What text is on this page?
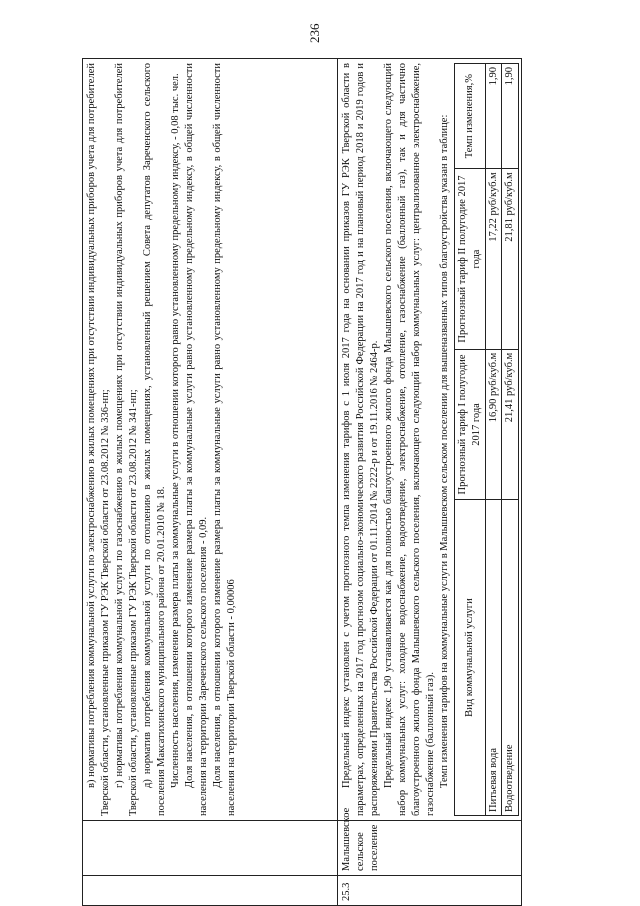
236

в) нормативы потребления коммунальной услуги по электроснабжению в жилых помещениях при отсутствии индивидуальных приборов учета для потребителей Тверской области, установленные приказом ГУ РЭК Тверской области от 23.08.2012 № 336-нп; г) нормативы потребления коммунальной услуги по газоснабжению в жилых помещениях при отсутствии индивидуальных приборов учета для потребителей Тверской области, установленные приказом ГУ РЭК Тверской области от 23.08.2012 № 341-нп; д) норматив потребления коммунальной услуги по отоплению в жилых помещениях, установленный решением Совета депутатов Зареченского сельского поселения Максатихинского муниципального района от 20.01.2010 № 18. Численность населения, изменение размера платы за коммунальные услуги в отношении которого равно установленному предельному индексу, - 0,08 тыс. чел. Доля населения, в отношении которого изменение размера платы за коммунальные услуги равно установленному предельному индексу, в общей численности населения на территории Зареченского сельского поселения - 0,09. Доля населения, в отношении которого изменение размера платы за коммунальные услуги равно установленному предельному индексу, в общей численности населения на территории Тверской области - 0,00006

25.3	Малышевское сельское поселение	

Предельный индекс установлен с учетом прогнозного темпа изменения тарифов с 1 июля 2017 года на основании приказов ГУ РЭК Тверской области в параметрах, определенных на 2017 год прогнозом социально-экономического развития Российской Федерации на 2017 год и на плановый период 2018 и 2019 годов и распоряжениями Правительства Российской Федерации от 01.11.2014 № 2222-р и от 19.11.2016 № 2464-р. Предельный индекс 1,90 устанавливается как для полностью благоустроенного жилого фонда Малышевского сельского поселения, включающего следующий набор коммунальных услуг: холодное водоснабжение, водоотведение, электроснабжение, отопление, газоснабжение (баллонный газ), так и для частично благоустроенного жилого фонда Малышевского сельского поселения, включающего следующий набор коммунальных услуг: централизованное электроснабжение, газоснабжение (баллонный газ). Темп изменения тарифов на коммунальные услуги в Малышевском сельском поселении для вышеназванных типов благоустройства указан в таблице: Вид коммунальной услуги	Прогнозный тариф I полугодие 2017 года	Прогнозный тариф II полугодие 2017 года	Темп изменения,%
Питьевая вода	16,90 руб/куб.м	17,22 руб/куб.м	1,90
Водоотведение	21,41 руб/куб.м	21,81 руб/куб.м	1,90
